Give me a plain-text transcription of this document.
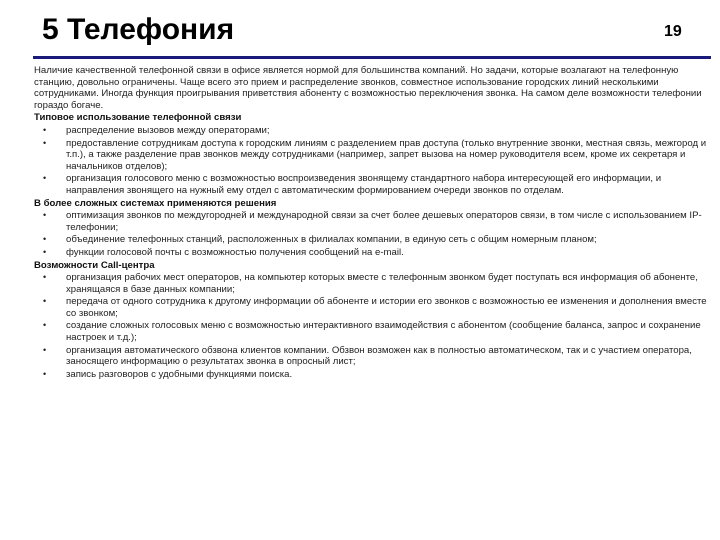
5 Телефония	19

Наличие качественной телефонной связи в офисе является нормой для большинства компаний. Но задачи, которые возлагают на телефонную станцию, довольно ограничены. Чаще всего это прием и распределение звонков, совместное использование городских линий несколькими сотрудниками. Иногда функция проигрывания приветствия абоненту с возможностью переключения звонка. На самом деле возможности телефонии гораздо богаче.

Типовое использование телефонной связи

• распределение вызовов между операторами;
• предоставление сотрудникам доступа к городским линиям с разделением прав доступа (только внутренние звонки, местная связь, межгород и т.п.), а также разделение прав звонков между сотрудниками (например, запрет вызова на номер руководителя всем, кроме их секретаря и начальников отделов);
• организация голосового меню с возможностью воспроизведения звонящему стандартного набора интересующей его информации, и направления звонящего на нужный ему отдел с автоматическим формированием очереди звонков по отделам.

В более сложных системах применяются решения

• оптимизация звонков по междугородней и международной связи за счет более дешевых операторов связи, в том числе с использованием IP-телефонии;
• объединение телефонных станций, расположенных в филиалах компании, в единую сеть с общим номерным планом;
• функции голосовой почты с возможностью получения сообщений на e-mail.

Возможности Call-центра

• организация рабочих мест операторов, на компьютер которых вместе с телефонным звонком будет поступать вся информация об абоненте, хранящаяся в базе данных компании;
• передача от одного сотрудника к другому информации об абоненте и истории его звонков с возможностью ее изменения и дополнения вместе со звонком;
• создание сложных голосовых меню с возможностью интерактивного взаимодействия с абонентом (сообщение баланса, запрос и сохранение настроек и т.д.);
• организация автоматического обзвона клиентов компании. Обзвон возможен как в полностью автоматическом, так и с участием оператора, заносящего информацию о результатах звонка в опросный лист;
• запись разговоров с удобными функциями поиска.
